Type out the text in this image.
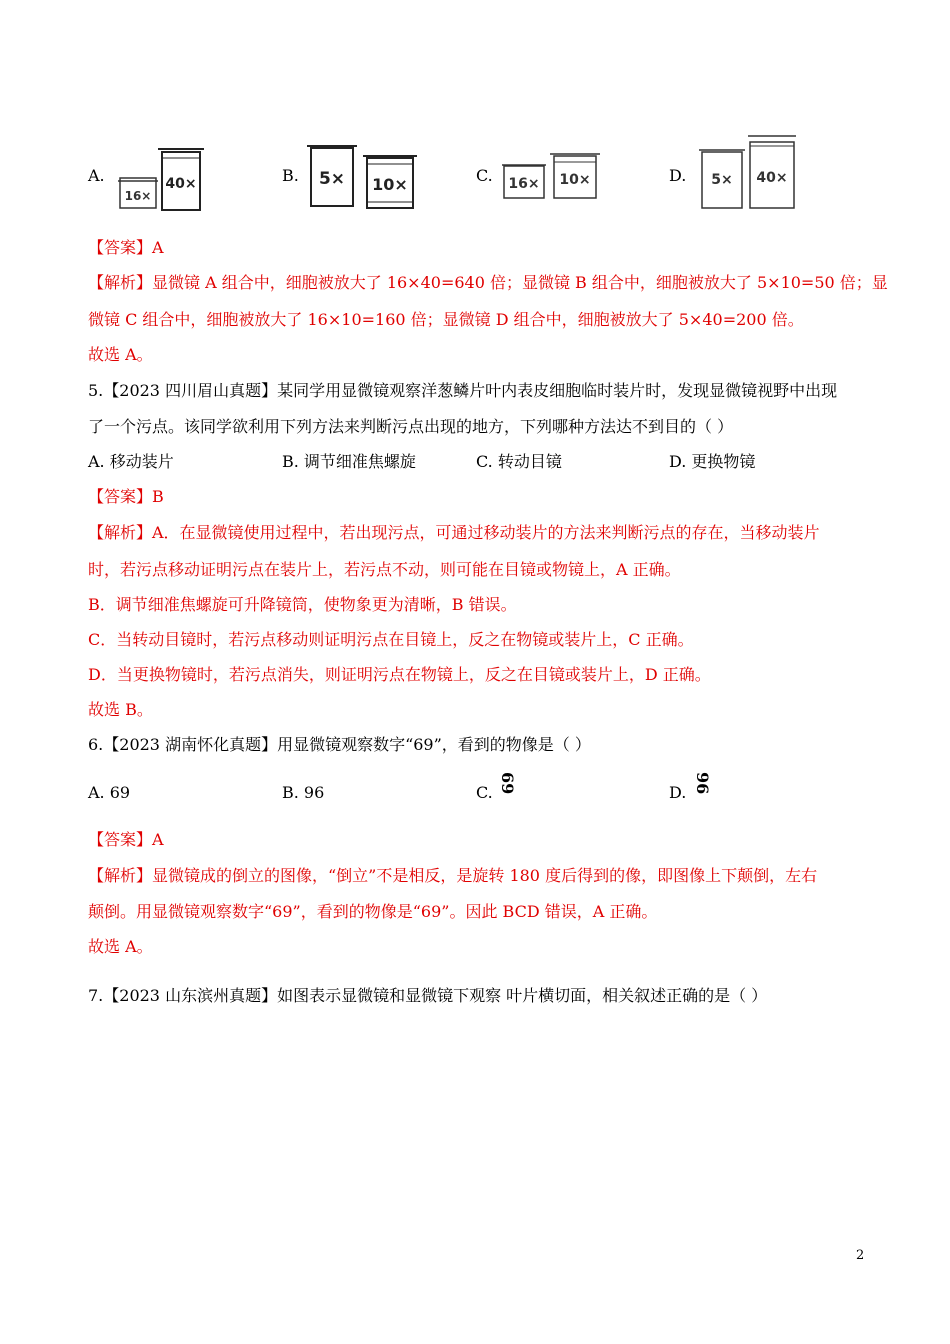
A.
16×
40×	B. 5× 10×	C. 16× 10×	D. 5× 40×
【答案】A
【解析】显微镜 A 组合中，细胞被放大了 16×40=640 倍；显微镜 B 组合中，细胞被放大了 5×10=50 倍；显
微镜 C 组合中，细胞被放大了 16×10=160 倍；显微镜 D 组合中，细胞被放大了 5×40=200 倍。
故选 A。
5.【2023 四川眉山真题】某同学用显微镜观察洋葱鳞片叶内表皮细胞临时装片时，发现显微镜视野中出现
了一个污点。该同学欲利用下列方法来判断污点出现的地方，下列哪种方法达不到目的（ ）
A. 移动装片	B. 调节细准焦螺旋	C. 转动目镜	D. 更换物镜
【答案】B
【解析】A．在显微镜使用过程中，若出现污点，可通过移动装片的方法来判断污点的存在，当移动装片
时，若污点移动证明污点在装片上，若污点不动，则可能在目镜或物镜上，A 正确。
B．调节细准焦螺旋可升降镜筒，使物象更为清晰，B 错误。
C．当转动目镜时，若污点移动则证明污点在目镜上，反之在物镜或装片上，C 正确。
D．当更换物镜时，若污点消失，则证明污点在物镜上，反之在目镜或装片上，D 正确。
故选 B。
6.【2023 湖南怀化真题】用显微镜观察数字“69”，看到的物像是（ ）
A. 69	B. 96	C. 69	D. 96
【答案】A
【解析】显微镜成的倒立的图像，“倒立”不是相反，是旋转 180 度后得到的像，即图像上下颠倒，左右
颠倒。用显微镜观察数字“69”，看到的物像是“69”。因此 BCD 错误，A 正确。
故选 A。
7.【2023 山东滨州真题】如图表示显微镜和显微镜下观察 叶片横切面，相关叙述正确的是（ ）
2
